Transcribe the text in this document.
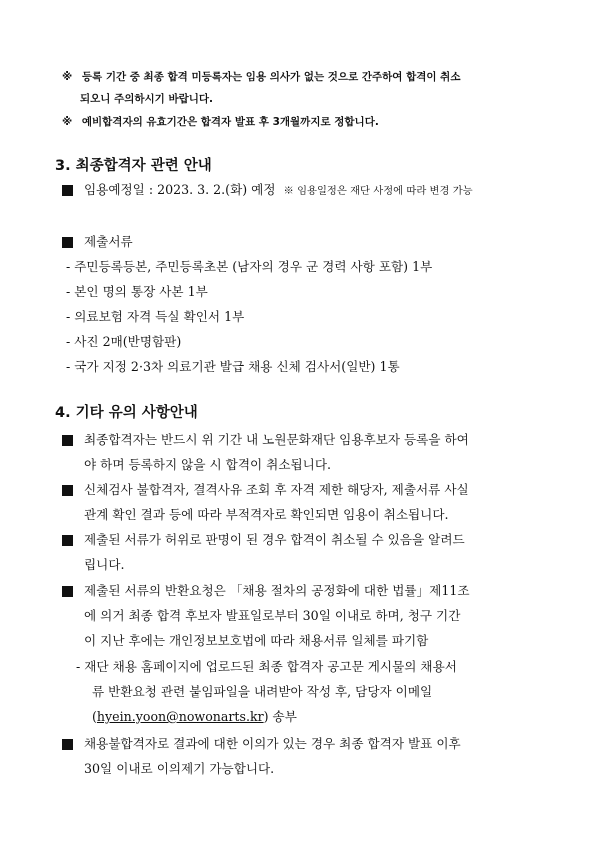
※ 등록 기간 중 최종 합격 미등록자는 임용 의사가 없는 것으로 간주하여 합격이 취소
되오니 주의하시기 바랍니다.
※ 예비합격자의 유효기간은 합격자 발표 후 3개월까지로 정합니다.
3. 최종합격자 관련 안내
임용예정일 : 2023. 3. 2.(화) 예정 ※ 임용일정은 재단 사정에 따라 변경 가능
제출서류
- 주민등록등본, 주민등록초본 (남자의 경우 군 경력 사항 포함) 1부
- 본인 명의 통장 사본 1부
- 의료보험 자격 득실 확인서 1부
- 사진 2매(반명함판)
- 국가 지정 2·3차 의료기관 발급 채용 신체 검사서(일반) 1통
4. 기타 유의 사항안내
최종합격자는 반드시 위 기간 내 노원문화재단 임용후보자 등록을 하여
야 하며 등록하지 않을 시 합격이 취소됩니다.
신체검사 불합격자, 결격사유 조회 후 자격 제한 해당자, 제출서류 사실
관계 확인 결과 등에 따라 부적격자로 확인되면 임용이 취소됩니다.
제출된 서류가 허위로 판명이 된 경우 합격이 취소될 수 있음을 알려드
립니다.
제출된 서류의 반환요청은 「채용 절차의 공정화에 대한 법률」제11조
에 의거 최종 합격 후보자 발표일로부터 30일 이내로 하며, 청구 기간
이 지난 후에는 개인정보보호법에 따라 채용서류 일체를 파기함
- 재단 채용 홈페이지에 업로드된 최종 합격자 공고문 게시물의 채용서
류 반환요청 관련 붙임파일을 내려받아 작성 후, 담당자 이메일
(hyein.yoon@nowonarts.kr) 송부
채용불합격자로 결과에 대한 이의가 있는 경우 최종 합격자 발표 이후
30일 이내로 이의제기 가능합니다.
